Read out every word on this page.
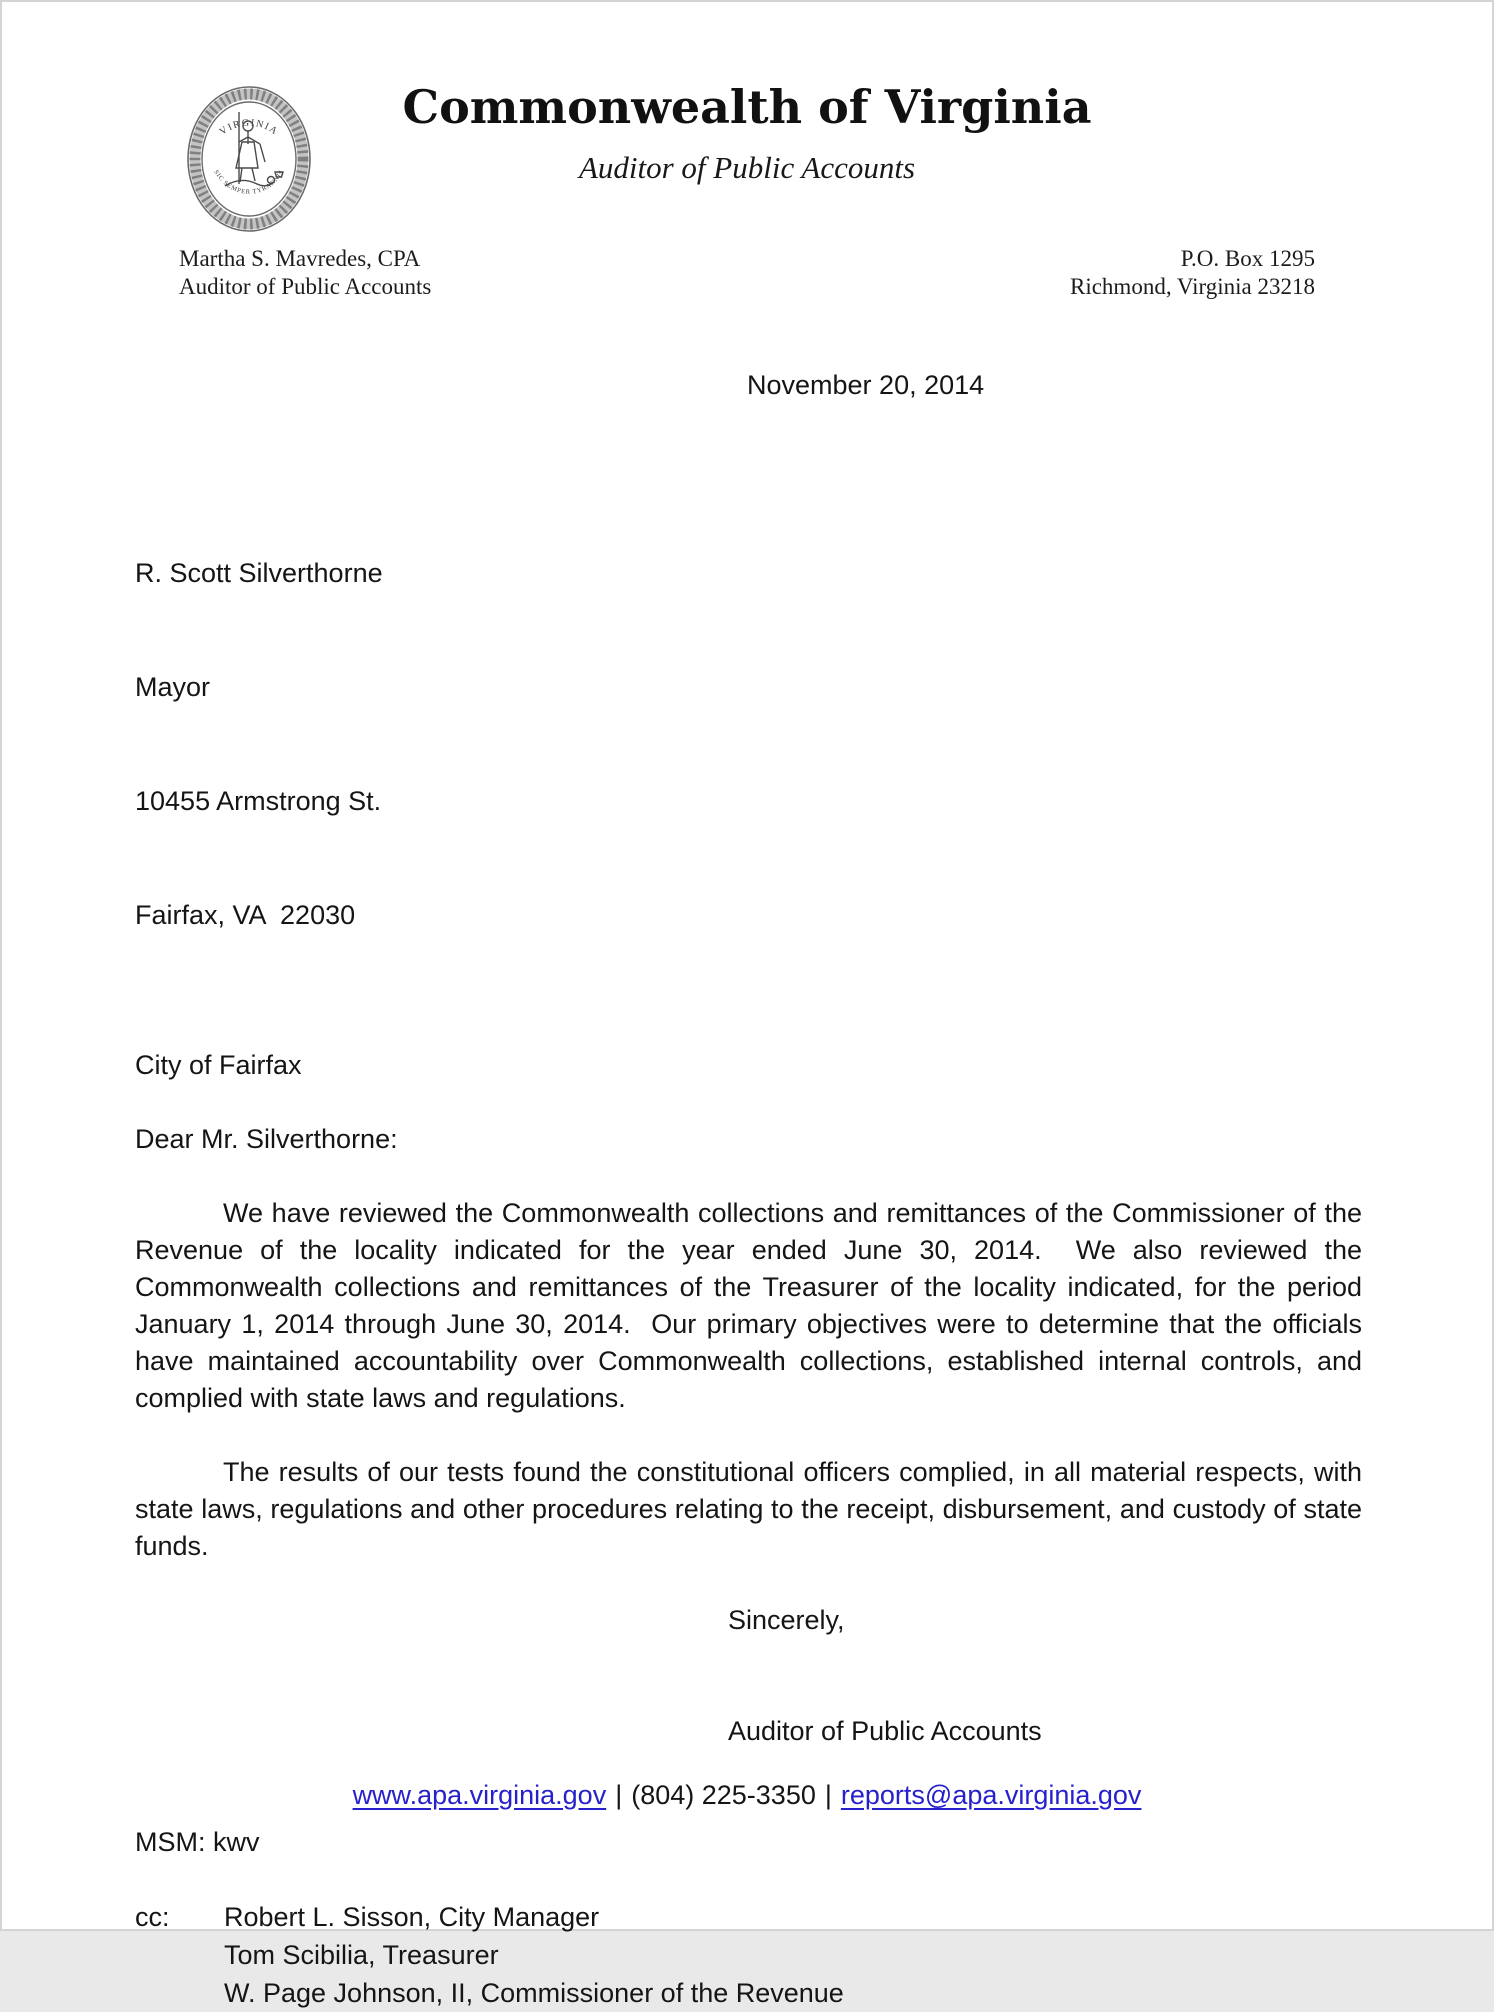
VIRGINIA
SIC SEMPER TYRANNIS
Commonwealth of Virginia
Auditor of Public Accounts
Martha S. Mavredes, CPA
Auditor of Public Accounts
P.O. Box 1295
Richmond, Virginia 23218
November 20, 2014

R. Scott Silverthorne

Mayor

10455 Armstrong St.

Fairfax, VA  22030

City of Fairfax
Dear Mr. Silverthorne:

We have reviewed the Commonwealth collections and remittances of the Commissioner of the Revenue of the locality indicated for the year ended June 30, 2014.  We also reviewed the Commonwealth collections and remittances of the Treasurer of the locality indicated, for the period January 1, 2014 through June 30, 2014.  Our primary objectives were to determine that the officials have maintained accountability over Commonwealth collections, established internal controls, and complied with state laws and regulations.

The results of our tests found the constitutional officers complied, in all material respects, with state laws, regulations and other procedures relating to the receipt, disbursement, and custody of state funds.

Sincerely,
Auditor of Public Accounts
MSM: kwv
cc:	Robert L. Sisson, City Manager
Tom Scibilia, Treasurer
W. Page Johnson, II, Commissioner of the Revenue
www.apa.virginia.gov | (804) 225-3350 | reports@apa.virginia.gov
